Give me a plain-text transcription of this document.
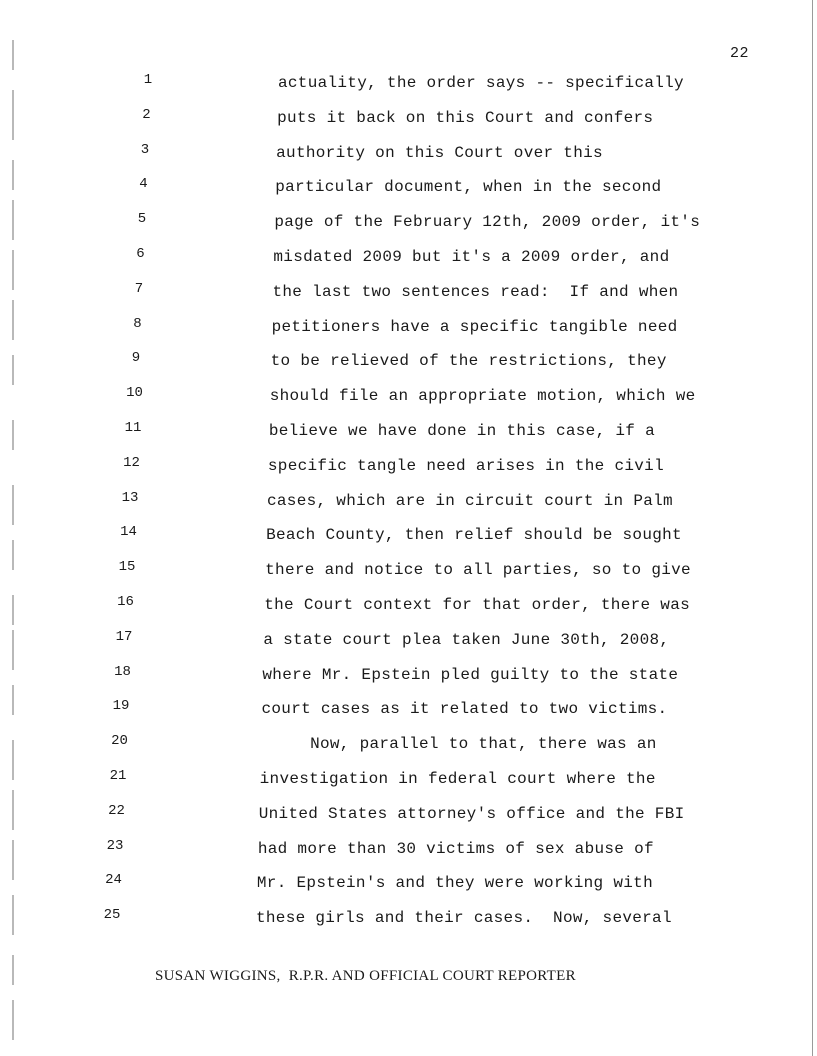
22
1	actuality, the order says -- specifically
2	puts it back on this Court and confers
3	authority on this Court over this
4	particular document, when in the second
5	page of the February 12th, 2009 order, it's
6	misdated 2009 but it's a 2009 order, and
7	the last two sentences read:  If and when
8	petitioners have a specific tangible need
9	to be relieved of the restrictions, they
10	should file an appropriate motion, which we
11	believe we have done in this case, if a
12	specific tangle need arises in the civil
13	cases, which are in circuit court in Palm
14	Beach County, then relief should be sought
15	there and notice to all parties, so to give
16	the Court context for that order, there was
17	a state court plea taken June 30th, 2008,
18	where Mr. Epstein pled guilty to the state
19	court cases as it related to two victims.
20	Now, parallel to that, there was an
21	investigation in federal court where the
22	United States attorney's office and the FBI
23	had more than 30 victims of sex abuse of
24	Mr. Epstein's and they were working with
25	these girls and their cases.  Now, several
SUSAN WIGGINS,  R.P.R. AND OFFICIAL COURT REPORTER
